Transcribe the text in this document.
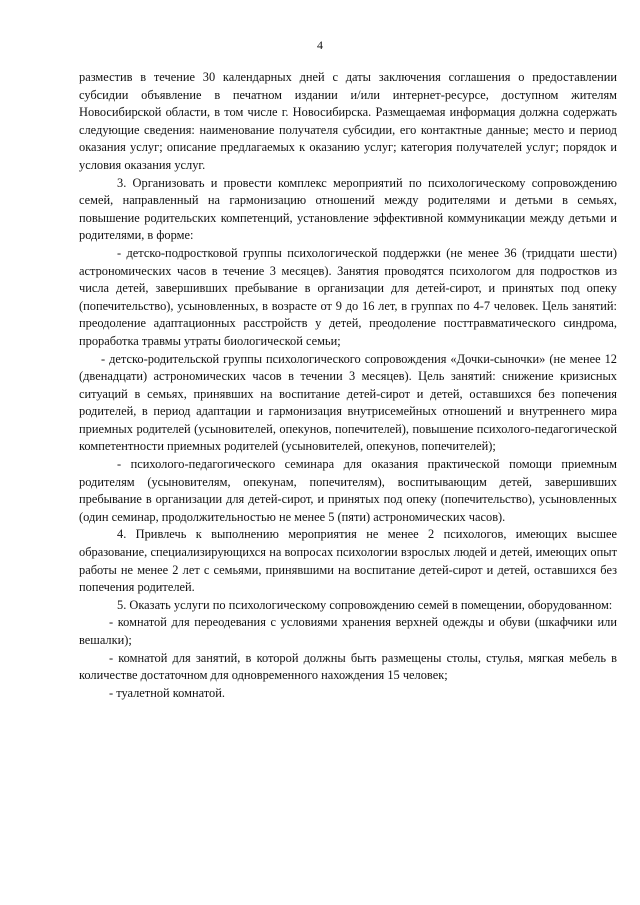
4

разместив в течение 30 календарных дней с даты заключения соглашения о предоставлении субсидии объявление в печатном издании и/или интернет-ресурсе, доступном жителям Новосибирской области, в том числе г. Новосибирска. Размещаемая информация должна содержать следующие сведения: наименование получателя субсидии, его контактные данные; место и период оказания услуг; описание предлагаемых к оказанию услуг; категория получателей услуг; порядок и условия оказания услуг.

3. Организовать и провести комплекс мероприятий по психологическому сопровождению семей, направленный на гармонизацию отношений между родителями и детьми в семьях, повышение родительских компетенций, установление эффективной коммуникации между детьми и родителями, в форме:

- детско-подростковой группы психологической поддержки (не менее 36 (тридцати шести) астрономических часов в течение 3 месяцев). Занятия проводятся психологом для подростков из числа детей, завершивших пребывание в организации для детей-сирот, и принятых под опеку (попечительство), усыновленных, в возрасте от 9 до 16 лет, в группах по 4-7 человек. Цель занятий: преодоление адаптационных расстройств у детей, преодоление посттравматического синдрома, проработка травмы утраты биологической семьи;

- детско-родительской группы психологического сопровождения «Дочки-сыночки» (не менее 12 (двенадцати) астрономических часов в течении 3 месяцев). Цель занятий: снижение кризисных ситуаций в семьях, принявших на воспитание детей-сирот и детей, оставшихся без попечения родителей, в период адаптации и гармонизация внутрисемейных отношений и внутреннего мира приемных родителей (усыновителей, опекунов, попечителей), повышение психолого-педагогической компетентности приемных родителей (усыновителей, опекунов, попечителей);

- психолого-педагогического семинара для оказания практической помощи приемным родителям (усыновителям, опекунам, попечителям), воспитывающим детей, завершивших пребывание в организации для детей-сирот, и принятых под опеку (попечительство), усыновленных (один семинар, продолжительностью не менее 5 (пяти) астрономических часов).

4. Привлечь к выполнению мероприятия не менее 2 психологов, имеющих высшее образование, специализирующихся на вопросах психологии взрослых людей и детей, имеющих опыт работы не менее 2 лет с семьями, принявшими на воспитание детей-сирот и детей, оставшихся без попечения родителей.

5. Оказать услуги по психологическому сопровождению семей в помещении, оборудованном:

- комнатой для переодевания с условиями хранения верхней одежды и обуви (шкафчики или вешалки);

- комнатой для занятий, в которой должны быть размещены столы, стулья, мягкая мебель в количестве достаточном для одновременного нахождения 15 человек;

- туалетной комнатой.
